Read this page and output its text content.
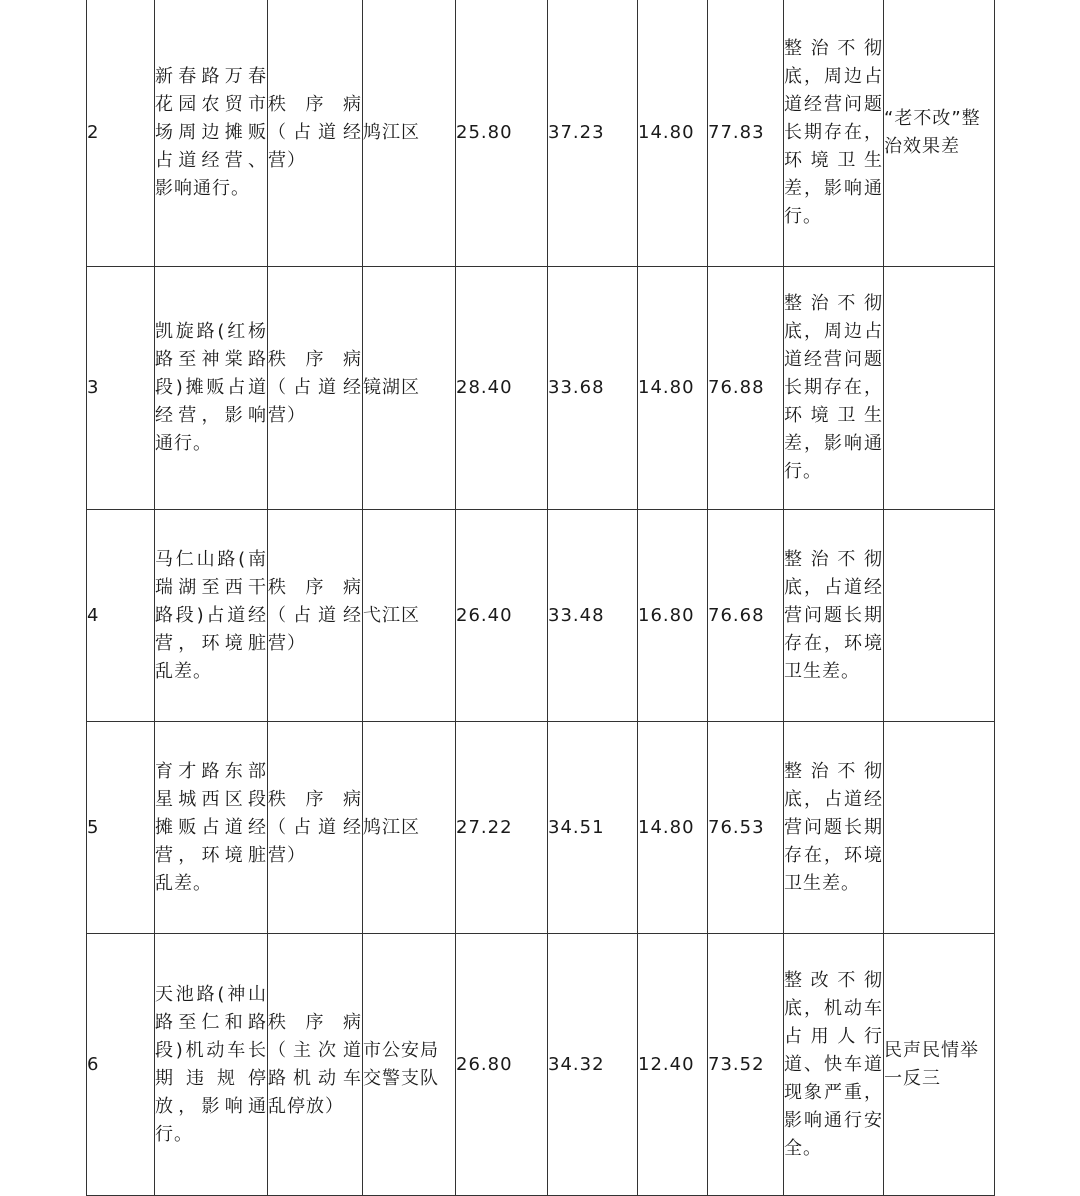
2	新春路万春花园农贸市场周边摊贩占道经营、影响通行。	秩序病（占道经营）	鸠江区	25.80	37.23	14.80	77.83	整治不彻底，周边占道经营问题长期存在，环境卫生差，影响通行。	“老不改”整治效果差
3	凯旋路(红杨路至神棠路段)摊贩占道经营，影响通行。	秩序病（占道经营）	镜湖区	28.40	33.68	14.80	76.88	整治不彻底，周边占道经营问题长期存在，环境卫生差，影响通行。	
4	马仁山路(南瑞湖至西干路段)占道经营，环境脏乱差。	秩序病（占道经营）	弋江区	26.40	33.48	16.80	76.68	整治不彻底，占道经营问题长期存在，环境卫生差。	
5	育才路东部星城西区段摊贩占道经营，环境脏乱差。	秩序病（占道经营）	鸠江区	27.22	34.51	14.80	76.53	整治不彻底，占道经营问题长期存在，环境卫生差。	
6	天池路(神山路至仁和路段)机动车长期违规停放，影响通行。	秩序病（主次道路机动车乱停放）	市公安局交警支队	26.80	34.32	12.40	73.52	整改不彻底，机动车占用人行道、快车道现象严重，影响通行安全。	民声民情举一反三
